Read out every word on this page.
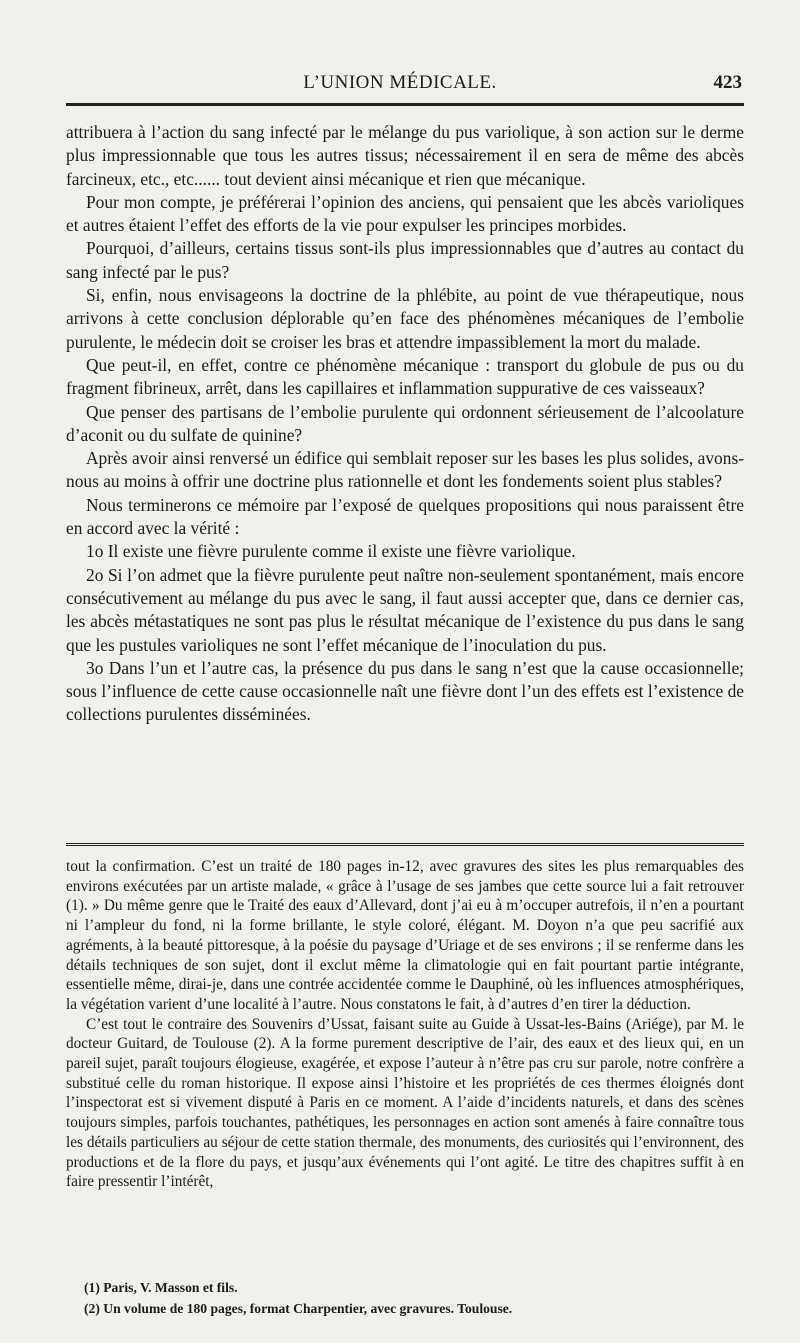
L’UNION MÉDICALE.	423

attribuera à l’action du sang infecté par le mélange du pus variolique, à son action sur le derme plus impressionnable que tous les autres tissus; nécessairement il en sera de même des abcès farcineux, etc., etc...... tout devient ainsi mécanique et rien que mécanique.

Pour mon compte, je préférerai l’opinion des anciens, qui pensaient que les abcès varioliques et autres étaient l’effet des efforts de la vie pour expulser les principes morbides.

Pourquoi, d’ailleurs, certains tissus sont-ils plus impressionnables que d’autres au contact du sang infecté par le pus?

Si, enfin, nous envisageons la doctrine de la phlébite, au point de vue thérapeutique, nous arrivons à cette conclusion déplorable qu’en face des phénomènes mécaniques de l’embolie purulente, le médecin doit se croiser les bras et attendre impassiblement la mort du malade.

Que peut-il, en effet, contre ce phénomène mécanique : transport du globule de pus ou du fragment fibrineux, arrêt, dans les capillaires et inflammation suppurative de ces vaisseaux?

Que penser des partisans de l’embolie purulente qui ordonnent sérieusement de l’alcoolature d’aconit ou du sulfate de quinine?

Après avoir ainsi renversé un édifice qui semblait reposer sur les bases les plus solides, avons-nous au moins à offrir une doctrine plus rationnelle et dont les fondements soient plus stables?

Nous terminerons ce mémoire par l’exposé de quelques propositions qui nous paraissent être en accord avec la vérité :

1o Il existe une fièvre purulente comme il existe une fièvre variolique.

2o Si l’on admet que la fièvre purulente peut naître non-seulement spontanément, mais encore consécutivement au mélange du pus avec le sang, il faut aussi accepter que, dans ce dernier cas, les abcès métastatiques ne sont pas plus le résultat mécanique de l’existence du pus dans le sang que les pustules varioliques ne sont l’effet mécanique de l’inoculation du pus.

3o Dans l’un et l’autre cas, la présence du pus dans le sang n’est que la cause occasionnelle; sous l’influence de cette cause occasionnelle naît une fièvre dont l’un des effets est l’existence de collections purulentes disséminées.

tout la confirmation. C’est un traité de 180 pages in-12, avec gravures des sites les plus remarquables des environs exécutées par un artiste malade, « grâce à l’usage de ses jambes que cette source lui a fait retrouver (1). » Du même genre que le Traité des eaux d’Allevard, dont j’ai eu à m’occuper autrefois, il n’en a pourtant ni l’ampleur du fond, ni la forme brillante, le style coloré, élégant. M. Doyon n’a que peu sacrifié aux agréments, à la beauté pittoresque, à la poésie du paysage d’Uriage et de ses environs ; il se renferme dans les détails techniques de son sujet, dont il exclut même la climatologie qui en fait pourtant partie intégrante, essentielle même, dirai-je, dans une contrée accidentée comme le Dauphiné, où les influences atmosphériques, la végétation varient d’une localité à l’autre. Nous constatons le fait, à d’autres d’en tirer la déduction.

C’est tout le contraire des Souvenirs d’Ussat, faisant suite au Guide à Ussat-les-Bains (Ariége), par M. le docteur Guitard, de Toulouse (2). A la forme purement descriptive de l’air, des eaux et des lieux qui, en un pareil sujet, paraît toujours élogieuse, exagérée, et expose l’auteur à n’être pas cru sur parole, notre confrère a substitué celle du roman historique. Il expose ainsi l’histoire et les propriétés de ces thermes éloignés dont l’inspectorat est si vivement disputé à Paris en ce moment. A l’aide d’incidents naturels, et dans des scènes toujours simples, parfois touchantes, pathétiques, les personnages en action sont amenés à faire connaître tous les détails particuliers au séjour de cette station thermale, des monuments, des curiosités qui l’environnent, des productions et de la flore du pays, et jusqu’aux événements qui l’ont agité. Le titre des chapitres suffit à en faire pressentir l’intérêt,

(1) Paris, V. Masson et fils.
(2) Un volume de 180 pages, format Charpentier, avec gravures. Toulouse.
